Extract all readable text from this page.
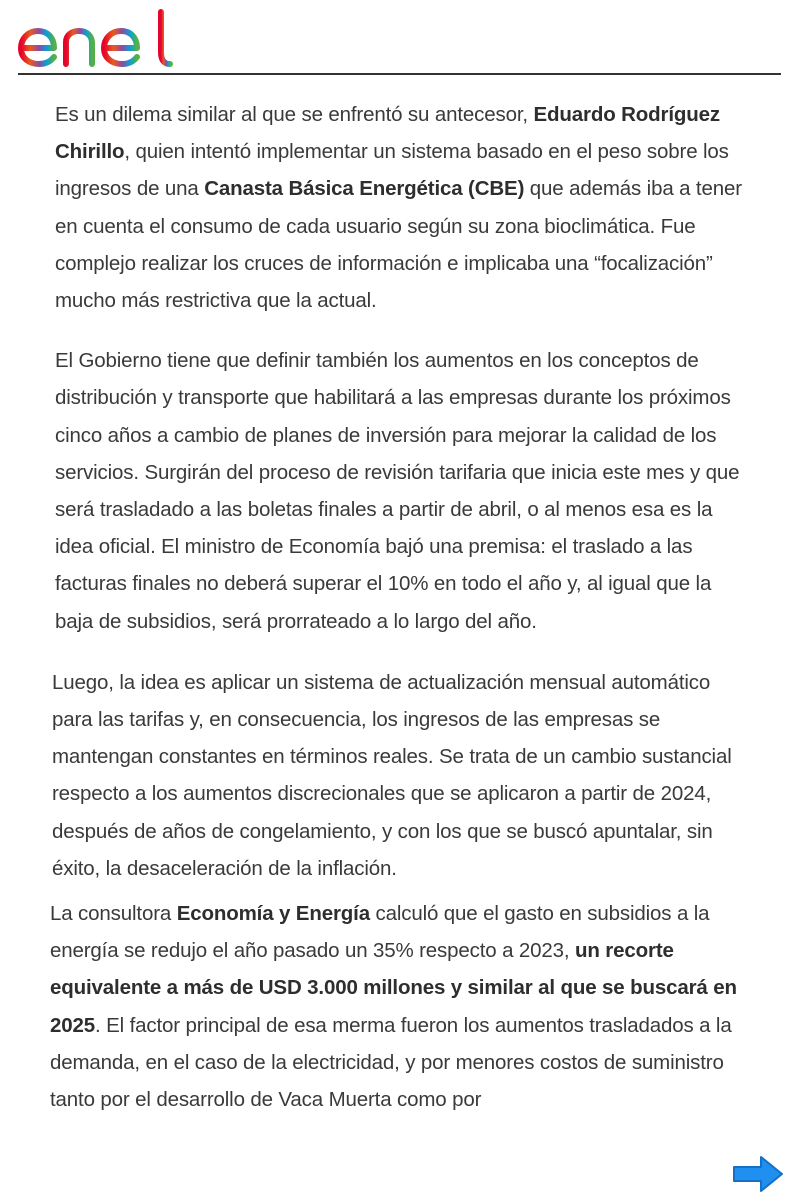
Es un dilema similar al que se enfrentó su antecesor, Eduardo Rodríguez Chirillo, quien intentó implementar un sistema basado en el peso sobre los ingresos de una Canasta Básica Energética (CBE) que además iba a tener en cuenta el consumo de cada usuario según su zona bioclimática. Fue complejo realizar los cruces de información e implicaba una “focalización” mucho más restrictiva que la actual.

El Gobierno tiene que definir también los aumentos en los conceptos de distribución y transporte que habilitará a las empresas durante los próximos cinco años a cambio de planes de inversión para mejorar la calidad de los servicios. Surgirán del proceso de revisión tarifaria que inicia este mes y que será trasladado a las boletas finales a partir de abril, o al menos esa es la idea oficial. El ministro de Economía bajó una premisa: el traslado a las facturas finales no deberá superar el 10% en todo el año y, al igual que la baja de subsidios, será prorrateado a lo largo del año.

Luego, la idea es aplicar un sistema de actualización mensual automático para las tarifas y, en consecuencia, los ingresos de las empresas se mantengan constantes en términos reales. Se trata de un cambio sustancial respecto a los aumentos discrecionales que se aplicaron a partir de 2024, después de años de congelamiento, y con los que se buscó apuntalar, sin éxito, la desaceleración de la inflación.

La consultora Economía y Energía calculó que el gasto en subsidios a la energía se redujo el año pasado un 35% respecto a 2023, un recorte equivalente a más de USD 3.000 millones y similar al que se buscará en 2025. El factor principal de esa merma fueron los aumentos trasladados a la demanda, en el caso de la electricidad, y por menores costos de suministro tanto por el desarrollo de Vaca Muerta como por
